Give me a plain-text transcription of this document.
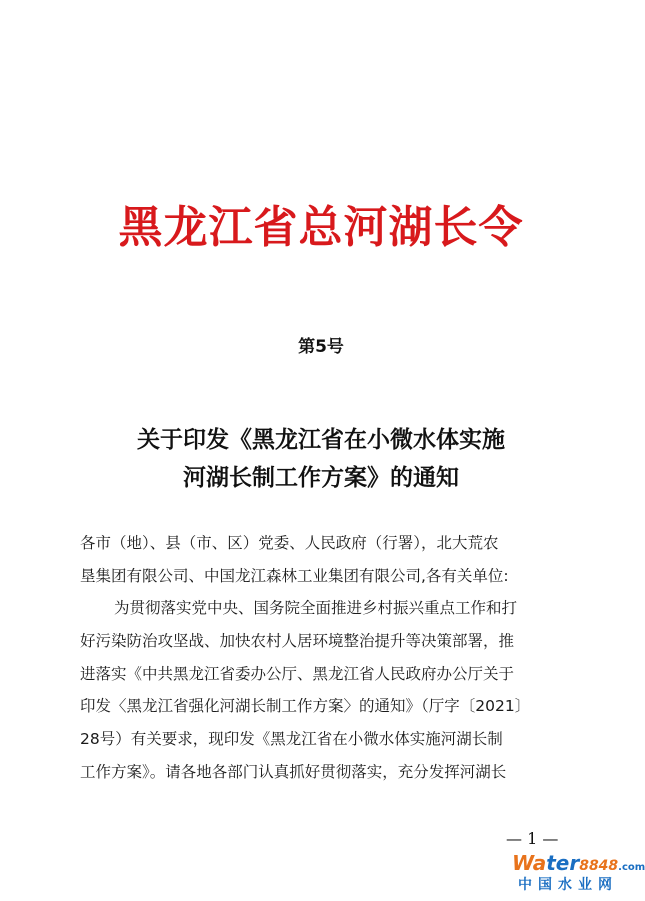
黑龙江省总河湖长令
第5号
关于印发《黑龙江省在小微水体实施
河湖长制工作方案》的通知
各市（地）、县（市、区）党委、人民政府（行署），北大荒农
垦集团有限公司、中国龙江森林工业集团有限公司,各有关单位:
为贯彻落实党中央、国务院全面推进乡村振兴重点工作和打
好污染防治攻坚战、加快农村人居环境整治提升等决策部署，推
进落实《中共黑龙江省委办公厅、黑龙江省人民政府办公厅关于
印发〈黑龙江省强化河湖长制工作方案〉的通知》（厅字〔2021〕
28号）有关要求，现印发《黑龙江省在小微水体实施河湖长制
工作方案》。请各地各部门认真抓好贯彻落实，充分发挥河湖长
— 1 —
Water8848.com
中国水业网
